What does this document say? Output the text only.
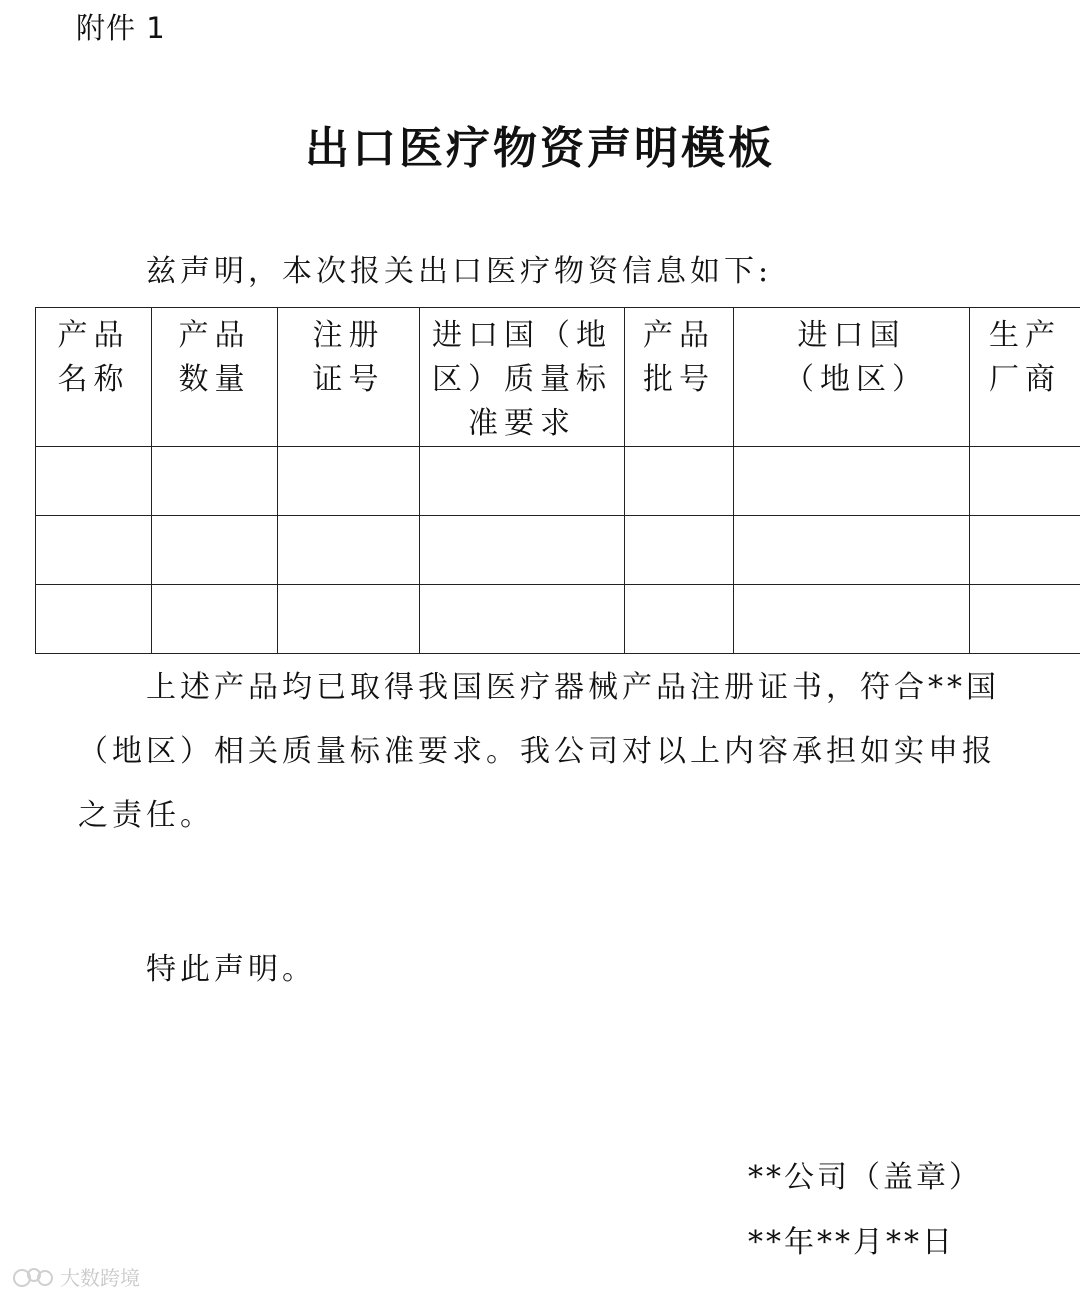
附件 1
出口医疗物资声明模板

兹声明，本次报关出口医疗物资信息如下:

产品名称	产品数量	注册证号	进口国（地区）质量标准要求	产品批号	进口国（地区）	生产厂商

上述产品均已取得我国医疗器械产品注册证书，符合**国（地区）相关质量标准要求。我公司对以上内容承担如实申报之责任。

特此声明。

**公司（盖章）
**年**月**日
大数跨境
